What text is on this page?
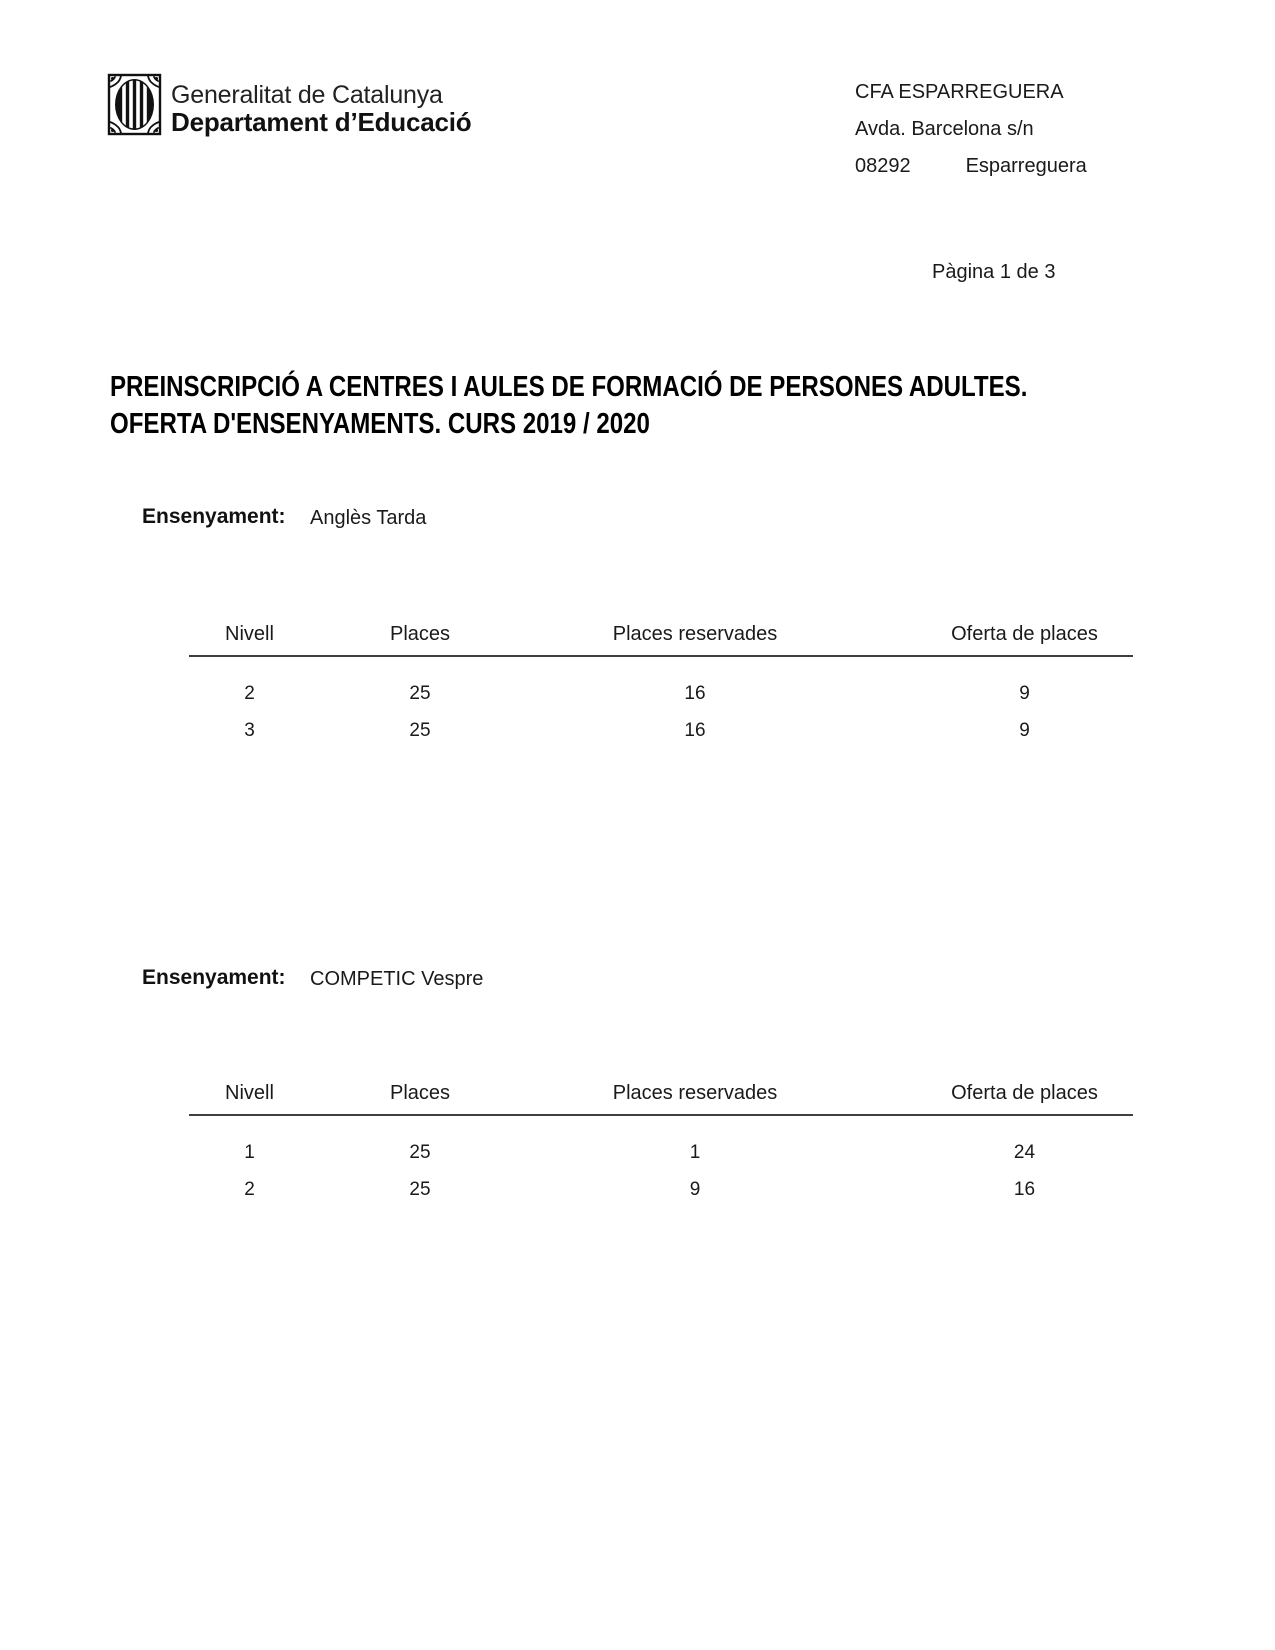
Generalitat de Catalunya
Departament d’Educació
CFA ESPARREGUERA
Avda. Barcelona s/n
08292	Esparreguera
Pàgina 1 de 3
PREINSCRIPCIÓ A CENTRES I AULES DE FORMACIÓ DE PERSONES ADULTES.
OFERTA D'ENSENYAMENTS. CURS 2019 / 2020
Ensenyament: Anglès Tarda
Nivell	Places	Places reservades	Oferta de places
2	25	16	9
3	25	16	9
Ensenyament: COMPETIC Vespre
Nivell	Places	Places reservades	Oferta de places
1	25	1	24
2	25	9	16
